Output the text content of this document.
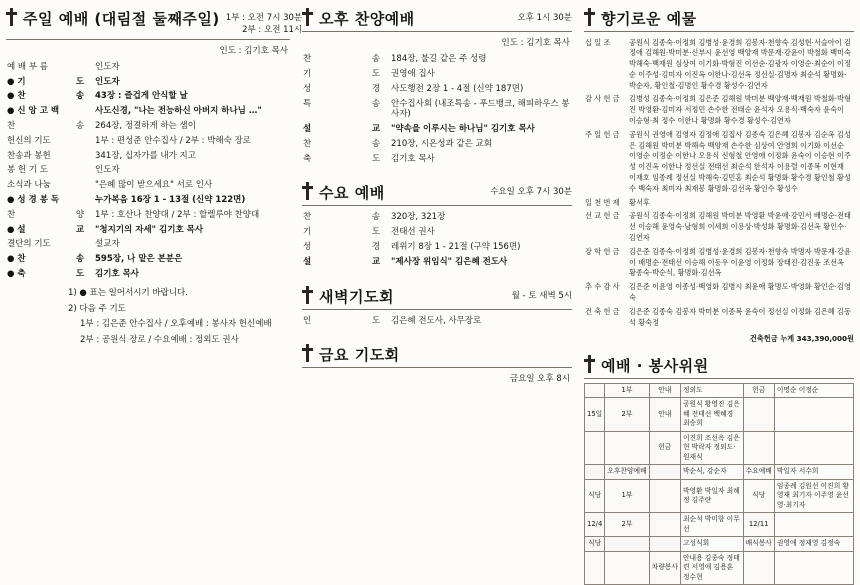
주일 예배 (대림절 둘째주일) 1부 : 오전 7시 30분
2부 : 오전 11시
인도 : 김기호 목사
예 배 부 름		인도자
● 기	도	인도자
● 찬	송	43장 : 즐겁게 안식할 날
● 신 앙 고 백		사도신경, "나는 전능하신 아버지 하나님 …"
찬	송	264장, 정결하게 하는 샘이
헌신의 기도		1부 : 편성준 안수집사 / 2부 : 박해숙 장로
찬송과 봉헌		341장, 십자가를 내가 지고
봉 헌 기 도		인도자
소식과 나눔		"은혜 많이 받으세요" 서로 인사
● 성 경 봉 독		누가복음 16장 1 - 13절 (신약 122면)
찬	양	1부 : 호산나 찬양대 / 2부 : 할렐루야 찬양대
● 설	교	"청지기의 자세" 김기호 목사
결단의 기도		설교자
● 찬	송	595장, 나 맡은 본분은
● 축	도	김기호 목사
1) ● 표는 일어서시기 바랍니다.
2) 다음 주 기도
1부 : 김은준 안수집사 / 오후예배 : 봉사자 헌신예배
2부 : 공원식 장로 / 수요예배 : 정외도 권사
오후 찬양예배	오후 1시 30분
인도 : 김기호 목사
찬	송	184장, 불길 같은 주 성령
기	도	권영애 집사
성	경	사도행전 2장 1 - 4절 (신약 187면)
특	송	안수집사회 (내조특송 - 푸드뱅크, 해피하우스 봉사자)
설	교	"약속을 이루시는 하나님" 김기호 목사
찬	송	210장, 시온성과 같은 교회
축	도	김기호 목사
수요 예배	수요일 오후 7시 30분
찬	송	320장, 321장
기	도	전태선 권사
성	경	레위기 8장 1 - 21절 (구약 156면)
설	교	"제사장 위임식" 김은혜 전도사
새벽기도회	월 - 토 새벽 5시
인	도	김은혜 전도사, 사무장로
금요 기도회
금요일 오후 8시
향기로운 예물
십 일 조	공원식 김종숙·이정희 김병성·윤경희 김봉자·천향숙 김성현·서슬아이 김정애 김해원·박미분·신부시 윤선영 백양재 박문재·강윤이 박철화 백미숙 박해숙·백재원 심상여 이기화·박형진 이선순·김광자 이영순·최순이 이정순 이주성·김미자 이진옥 이한나·김선옥 정선실·김명자 최순석 황명화·박순자, 황인철·김명인 황수경 황성수·김연자
감 사 헌 금	김병성 김종숙·이정희 김은준 김해원 박미분 백양재·백재원 박철화·박형진 박영환·김미자 서정민 손수한 전태순 윤석자 오용식·백숙자 윤숙이 이승형·최 정수 이한나 황명화 황수경 황성수·김연자
주 일 헌 금	공원식 권영애 김영자 김정애 김집사 김종숙 김은혜 김봉자 김순옥 김성은 김해원 박미분 박해숙 백양재 손수한 심상여 안영희 이기화 이선순 이영순 이정순 이한나 오용식 신형철 안영애 이정화 윤숙이 이승현 이주성 이진옥 이한나 정선실 전태선 최순석 한석자 이용렬 이종복 이현재 이재호 임종례 정선실 박해숙·김민홍 최순석 황명화 황수경 황인철 황성수 백숙자 최미자 최재봉 황명화·김선옥 황인수 황성수
일 천 번 제	황서후
선 교 헌 금	공원식 김종숙·이정희 김해원 박미분 박영환 박윤애·강민서 배명순·전태선 이승해 윤영숙·남형희 이세희 이용상·박성화 황명화·김선옥 황인수·김연자
장 학 헌 금	김은준 김종숙·이정희 김병성·윤경희 김봉자·천향숙 박명자 박문재·강윤이 배명순·전태선 이승해 이동우 이윤영 이정화 장태진·김진웅 조선옥 황종숙·박순식, 황명화·김선옥
추 수 감 사	김은준 이윤영 이종성·백영화 김병시 최윤애 황명도·박영화 황인순·김영숙
건 축 헌 금	김은준 김종숙 김봉자 박미분 이종복 윤숙이 정선실 이정화 김은혜 김동석 황숙정
건축헌금 누계 343,390,000원
예배 · 봉사위원
	1부	안내	정외도	헌금	이명순 이정순
15일	2부	안내	공원식 황영진 김은혜 전태선 백혜경 최승희		
		헌금	이진희 조선옥 김은현 박락자 정외도·원재식		
	오후찬양예배		박순식, 강순자	수요예배	박일자 서수희
식당	1부		박영환 박일자 최해정 김주란	식당	임종례 김원선 이진희 황영재 최기자 이주영 윤선영·최기자
12/4	2부		최순석 박미향 이무선	12/11	
식당			고성식회	배식봉사	권영애 정재영 김정숙
		차량봉사	안내용 김종숙 정태련 서영애 김용훈 정수현		
